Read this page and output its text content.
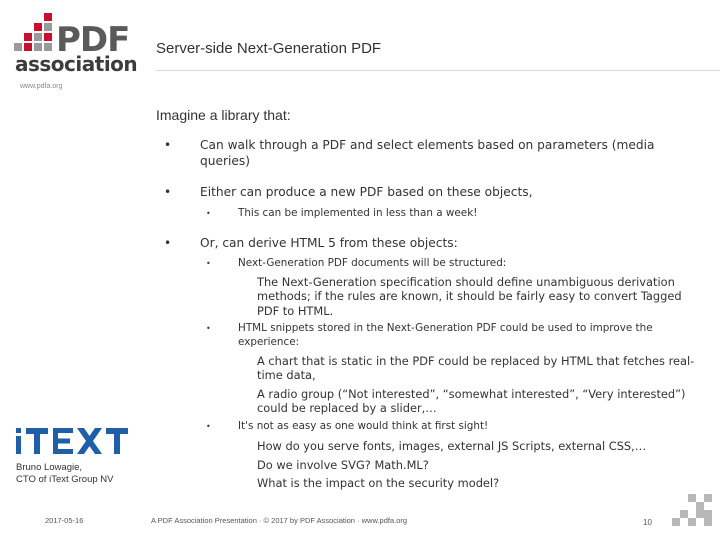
PDF
association
Server-side Next-Generation PDF
www.pdfa.org
Imagine a library that:
• Can walk through a PDF and select elements based on parameters (media queries)
• Either can produce a new PDF based on these objects,
•	This can be implemented in less than a week!
• Or, can derive HTML 5 from these objects:
•	Next-Generation PDF documents will be structured:
The Next-Generation specification should define unambiguous derivation methods; if the rules are known, it should be fairly easy to convert Tagged PDF to HTML.
•	HTML snippets stored in the Next-Generation PDF could be used to improve the experience:
A chart that is static in the PDF could be replaced by HTML that fetches real-time data,
A radio group (“Not interested”, “somewhat interested”, “Very interested”) could be replaced by a slider,…
•	It's not as easy as one would think at first sight!
How do you serve fonts, images, external JS Scripts, external CSS,…
Do we involve SVG? Math.ML?
What is the impact on the security model?
Bruno Lowagie,
CTO of iText Group NV
2017-05-16	A PDF Association Presentation · © 2017 by PDF Association · www.pdfa.org	10
